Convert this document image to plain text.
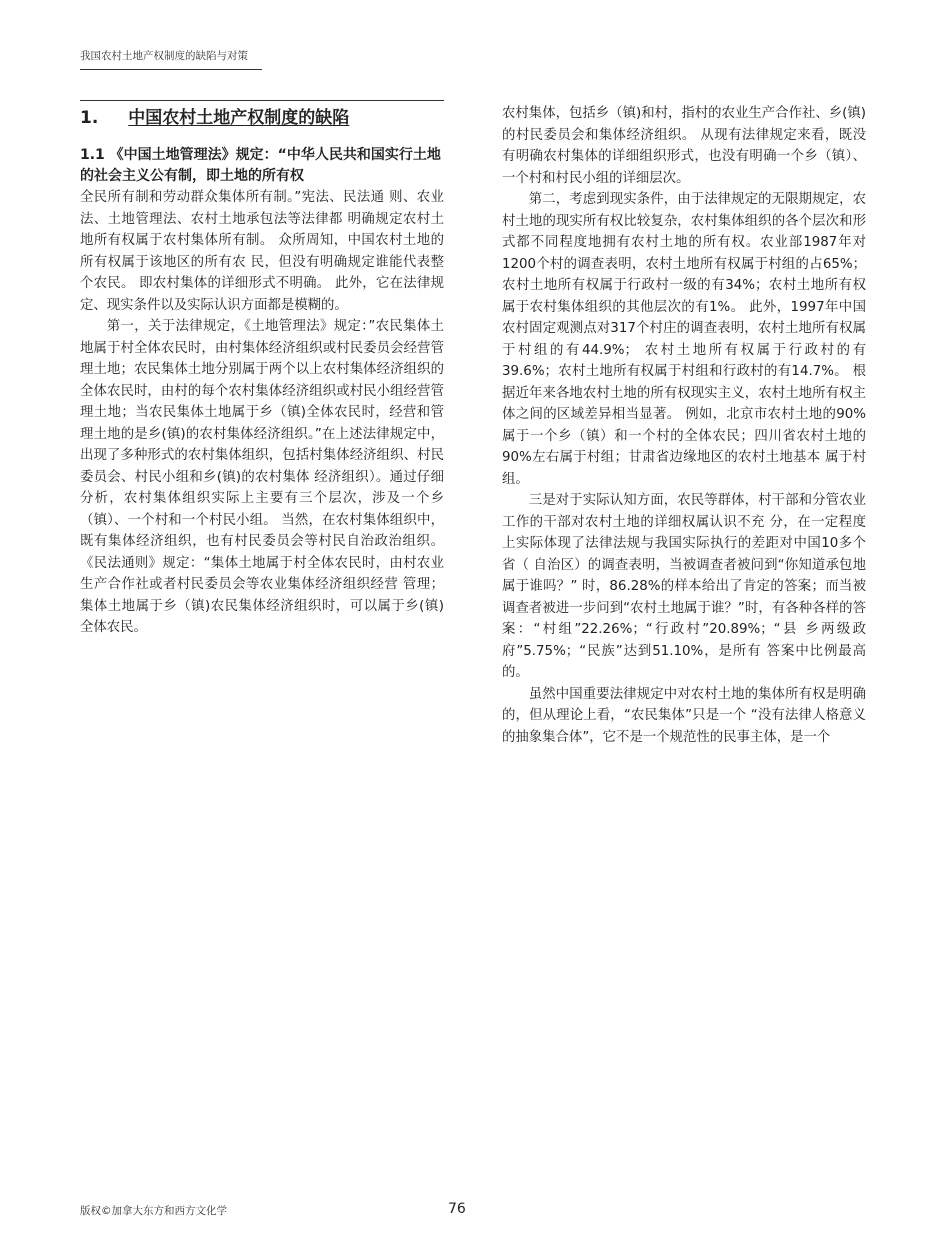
我国农村土地产权制度的缺陷与对策
1. 中国农村土地产权制度的缺陷
1.1 《中国土地管理法》规定：“中华人民共和国实行土地的社会主义公有制，即土地的所有权

全民所有制和劳动群众集体所有制。”宪法、民法通 则、农业法、土地管理法、农村土地承包法等法律都 明确规定农村土地所有权属于农村集体所有制。 众所周知，中国农村土地的所有权属于该地区的所有农 民，但没有明确规定谁能代表整个农民。 即农村集体的详细形式不明确。 此外，它在法律规定、现实条件以及实际认识方面都是模糊的。

第一，关于法律规定，《土地管理法》规定：”农民集体土地属于村全体农民时，由村集体经济组织或村民委员会经营管理土地；农民集体土地分别属于两个以上农村集体经济组织的全体农民时，由村的每个农村集体经济组织或村民小组经营管理土地；当农民集体土地属于乡（镇)全体农民时，经营和管理土地的是乡(镇)的农村集体经济组织。”在上述法律规定中，出现了多种形式的农村集体组织，包括村集体经济组织、村民委员会、村民小组和乡(镇)的农村集体 经济组织）。通过仔细分析，农村集体组织实际上主要有三个层次，涉及一个乡（镇）、一个村和一个村民小组。 当然，在农村集体组织中，既有集体经济组织，也有村民委员会等村民自治政治组织。 《民法通则》规定：“集体土地属于村全体农民时，由村农业 生产合作社或者村民委员会等农业集体经济组织经营 管理；集体土地属于乡（镇)农民集体经济组织时，可以属于乡(镇) 全体农民。

农村集体，包括乡（镇)和村，指村的农业生产合作社、乡(镇)的村民委员会和集体经济组织。 从现有法律规定来看，既没有明确农村集体的详细组织形式，也没有明确一个乡（镇）、一个村和村民小组的详细层次。

第二，考虑到现实条件，由于法律规定的无限期规定，农村土地的现实所有权比较复杂，农村集体组织的各个层次和形式都不同程度地拥有农村土地的所有权。农业部1987年对1200个村的调查表明，农村土地所有权属于村组的占65%；农村土地所有权属于行政村一级的有34%；农村土地所有权属于农村集体组织的其他层次的有1%。 此外，1997年中国农村固定观测点对317个村庄的调查表明，农村土地所有权属于村组的有44.9%； 农村土地所有权属于行政村的有39.6%；农村土地所有权属于村组和行政村的有14.7%。 根据近年来各地农村土地的所有权现实主义，农村土地所有权主体之间的区域差异相当显著。 例如，北京市农村土地的90%属于一个乡（镇）和一个村的全体农民；四川省农村土地的90%左右属于村组；甘肃省边缘地区的农村土地基本 属于村组。

三是对于实际认知方面，农民等群体，村干部和分管农业工作的干部对农村土地的详细权属认识不充 分，在一定程度上实际体现了法律法规与我国实际执行的差距对中国10多个省（ 自治区）的调查表明，当被调查者被问到“你知道承包地属于谁吗？” 时，86.28%的样本给出了肯定的答案；而当被调查者被进一步问到“农村土地属于谁？”时，有各种各样的答案：“村组”22.26%；“行政村”20.89%；“县 乡两级政府”5.75%；“民族”达到51.10%，是所有 答案中比例最高的。

虽然中国重要法律规定中对农村土地的集体所有权是明确的，但从理论上看，“农民集体”只是一个 “没有法律人格意义的抽象集合体”，它不是一个规范性的民事主体，是一个

版权©加拿大东方和西方文化学	76
